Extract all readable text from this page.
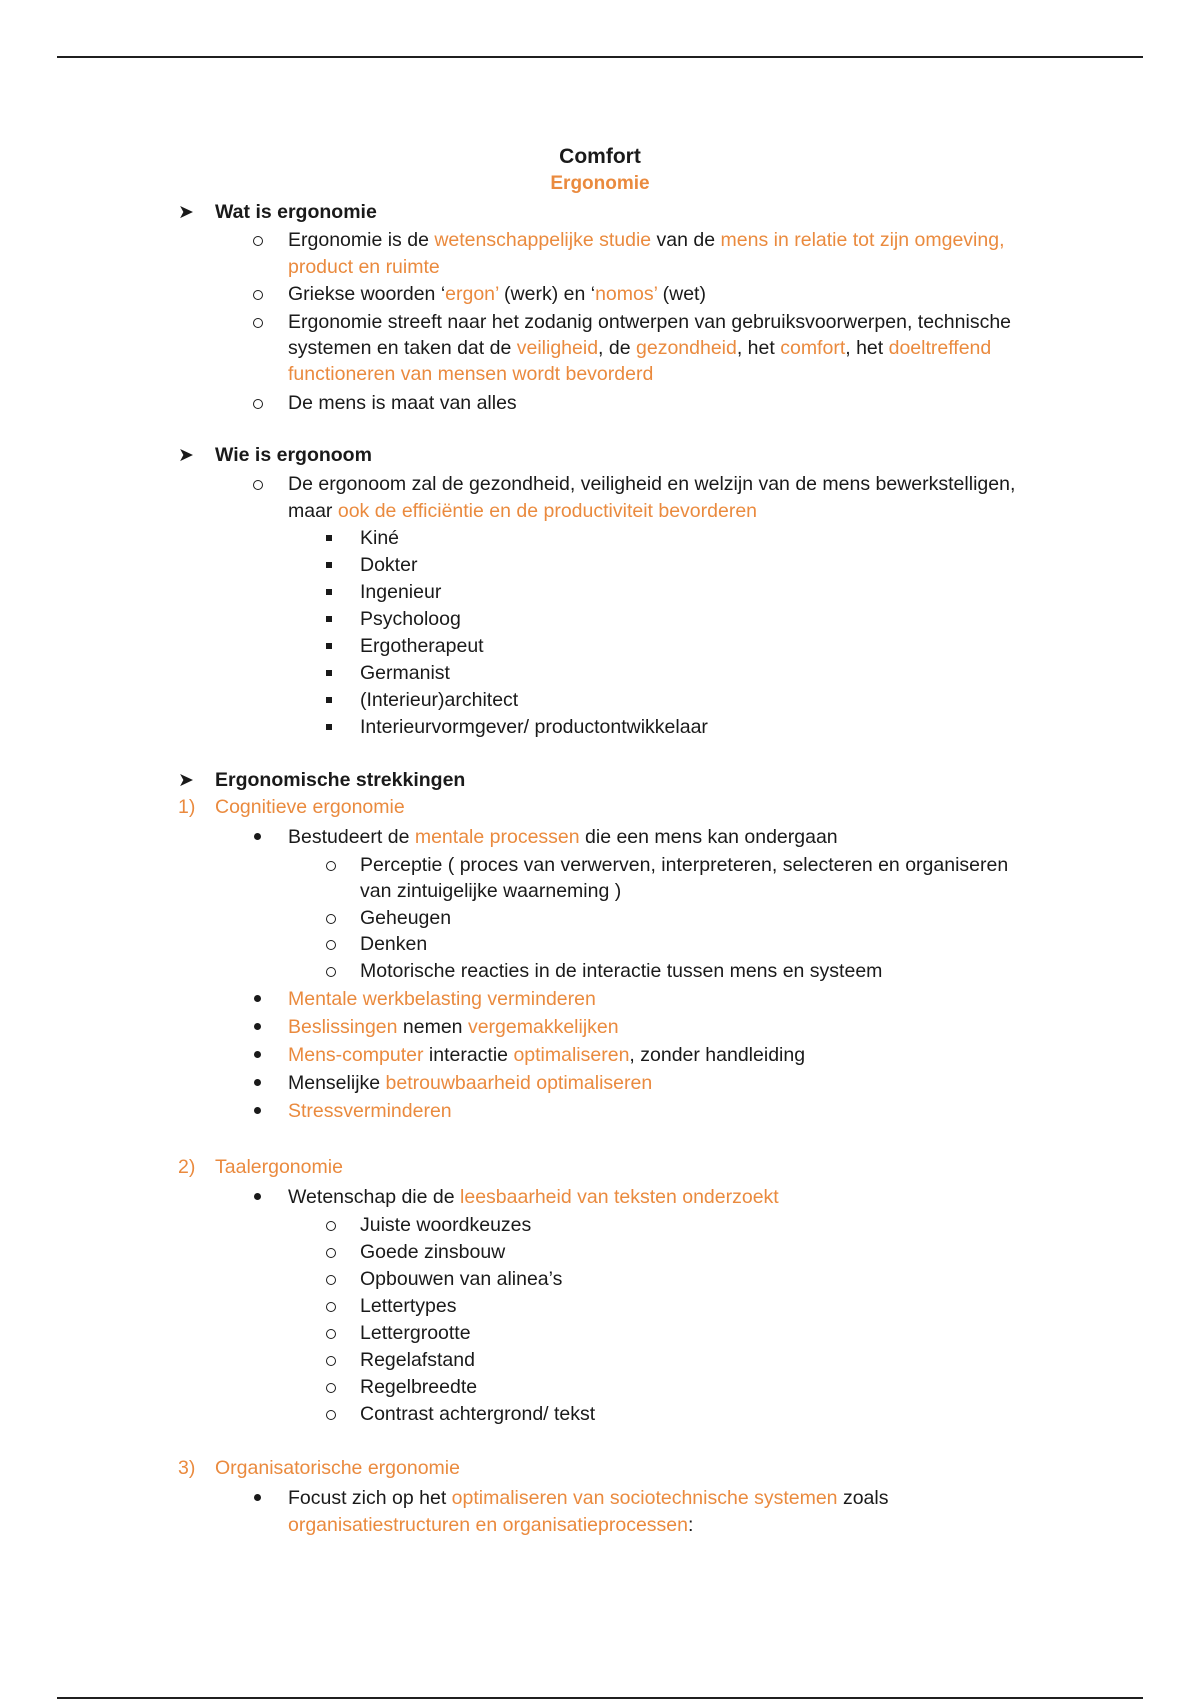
Comfort
Ergonomie
➤ Wat is ergonomie
Ergonomie is de wetenschappelijke studie van de mens in relatie tot zijn omgeving,
product en ruimte
Griekse woorden ‘ergon’ (werk) en ‘nomos’ (wet)
Ergonomie streeft naar het zodanig ontwerpen van gebruiksvoorwerpen, technische
systemen en taken dat de veiligheid, de gezondheid, het comfort, het doeltreffend
functioneren van mensen wordt bevorderd
De mens is maat van alles
➤ Wie is ergonoom
De ergonoom zal de gezondheid, veiligheid en welzijn van de mens bewerkstelligen,
maar ook de efficiëntie en de productiviteit bevorderen
Kiné
Dokter
Ingenieur
Psycholoog
Ergotherapeut
Germanist
(Interieur)architect
Interieurvormgever/ productontwikkelaar
➤ Ergonomische strekkingen
1) Cognitieve ergonomie
Bestudeert de mentale processen die een mens kan ondergaan
Perceptie ( proces van verwerven, interpreteren, selecteren en organiseren
van zintuigelijke waarneming )
Geheugen
Denken
Motorische reacties in de interactie tussen mens en systeem
Mentale werkbelasting verminderen
Beslissingen nemen vergemakkelijken
Mens-computer interactie optimaliseren, zonder handleiding
Menselijke betrouwbaarheid optimaliseren
Stressverminderen
2) Taalergonomie
Wetenschap die de leesbaarheid van teksten onderzoekt
Juiste woordkeuzes
Goede zinsbouw
Opbouwen van alinea’s
Lettertypes
Lettergrootte
Regelafstand
Regelbreedte
Contrast achtergrond/ tekst
3) Organisatorische ergonomie
Focust zich op het optimaliseren van sociotechnische systemen zoals
organisatiestructuren en organisatieprocessen:
